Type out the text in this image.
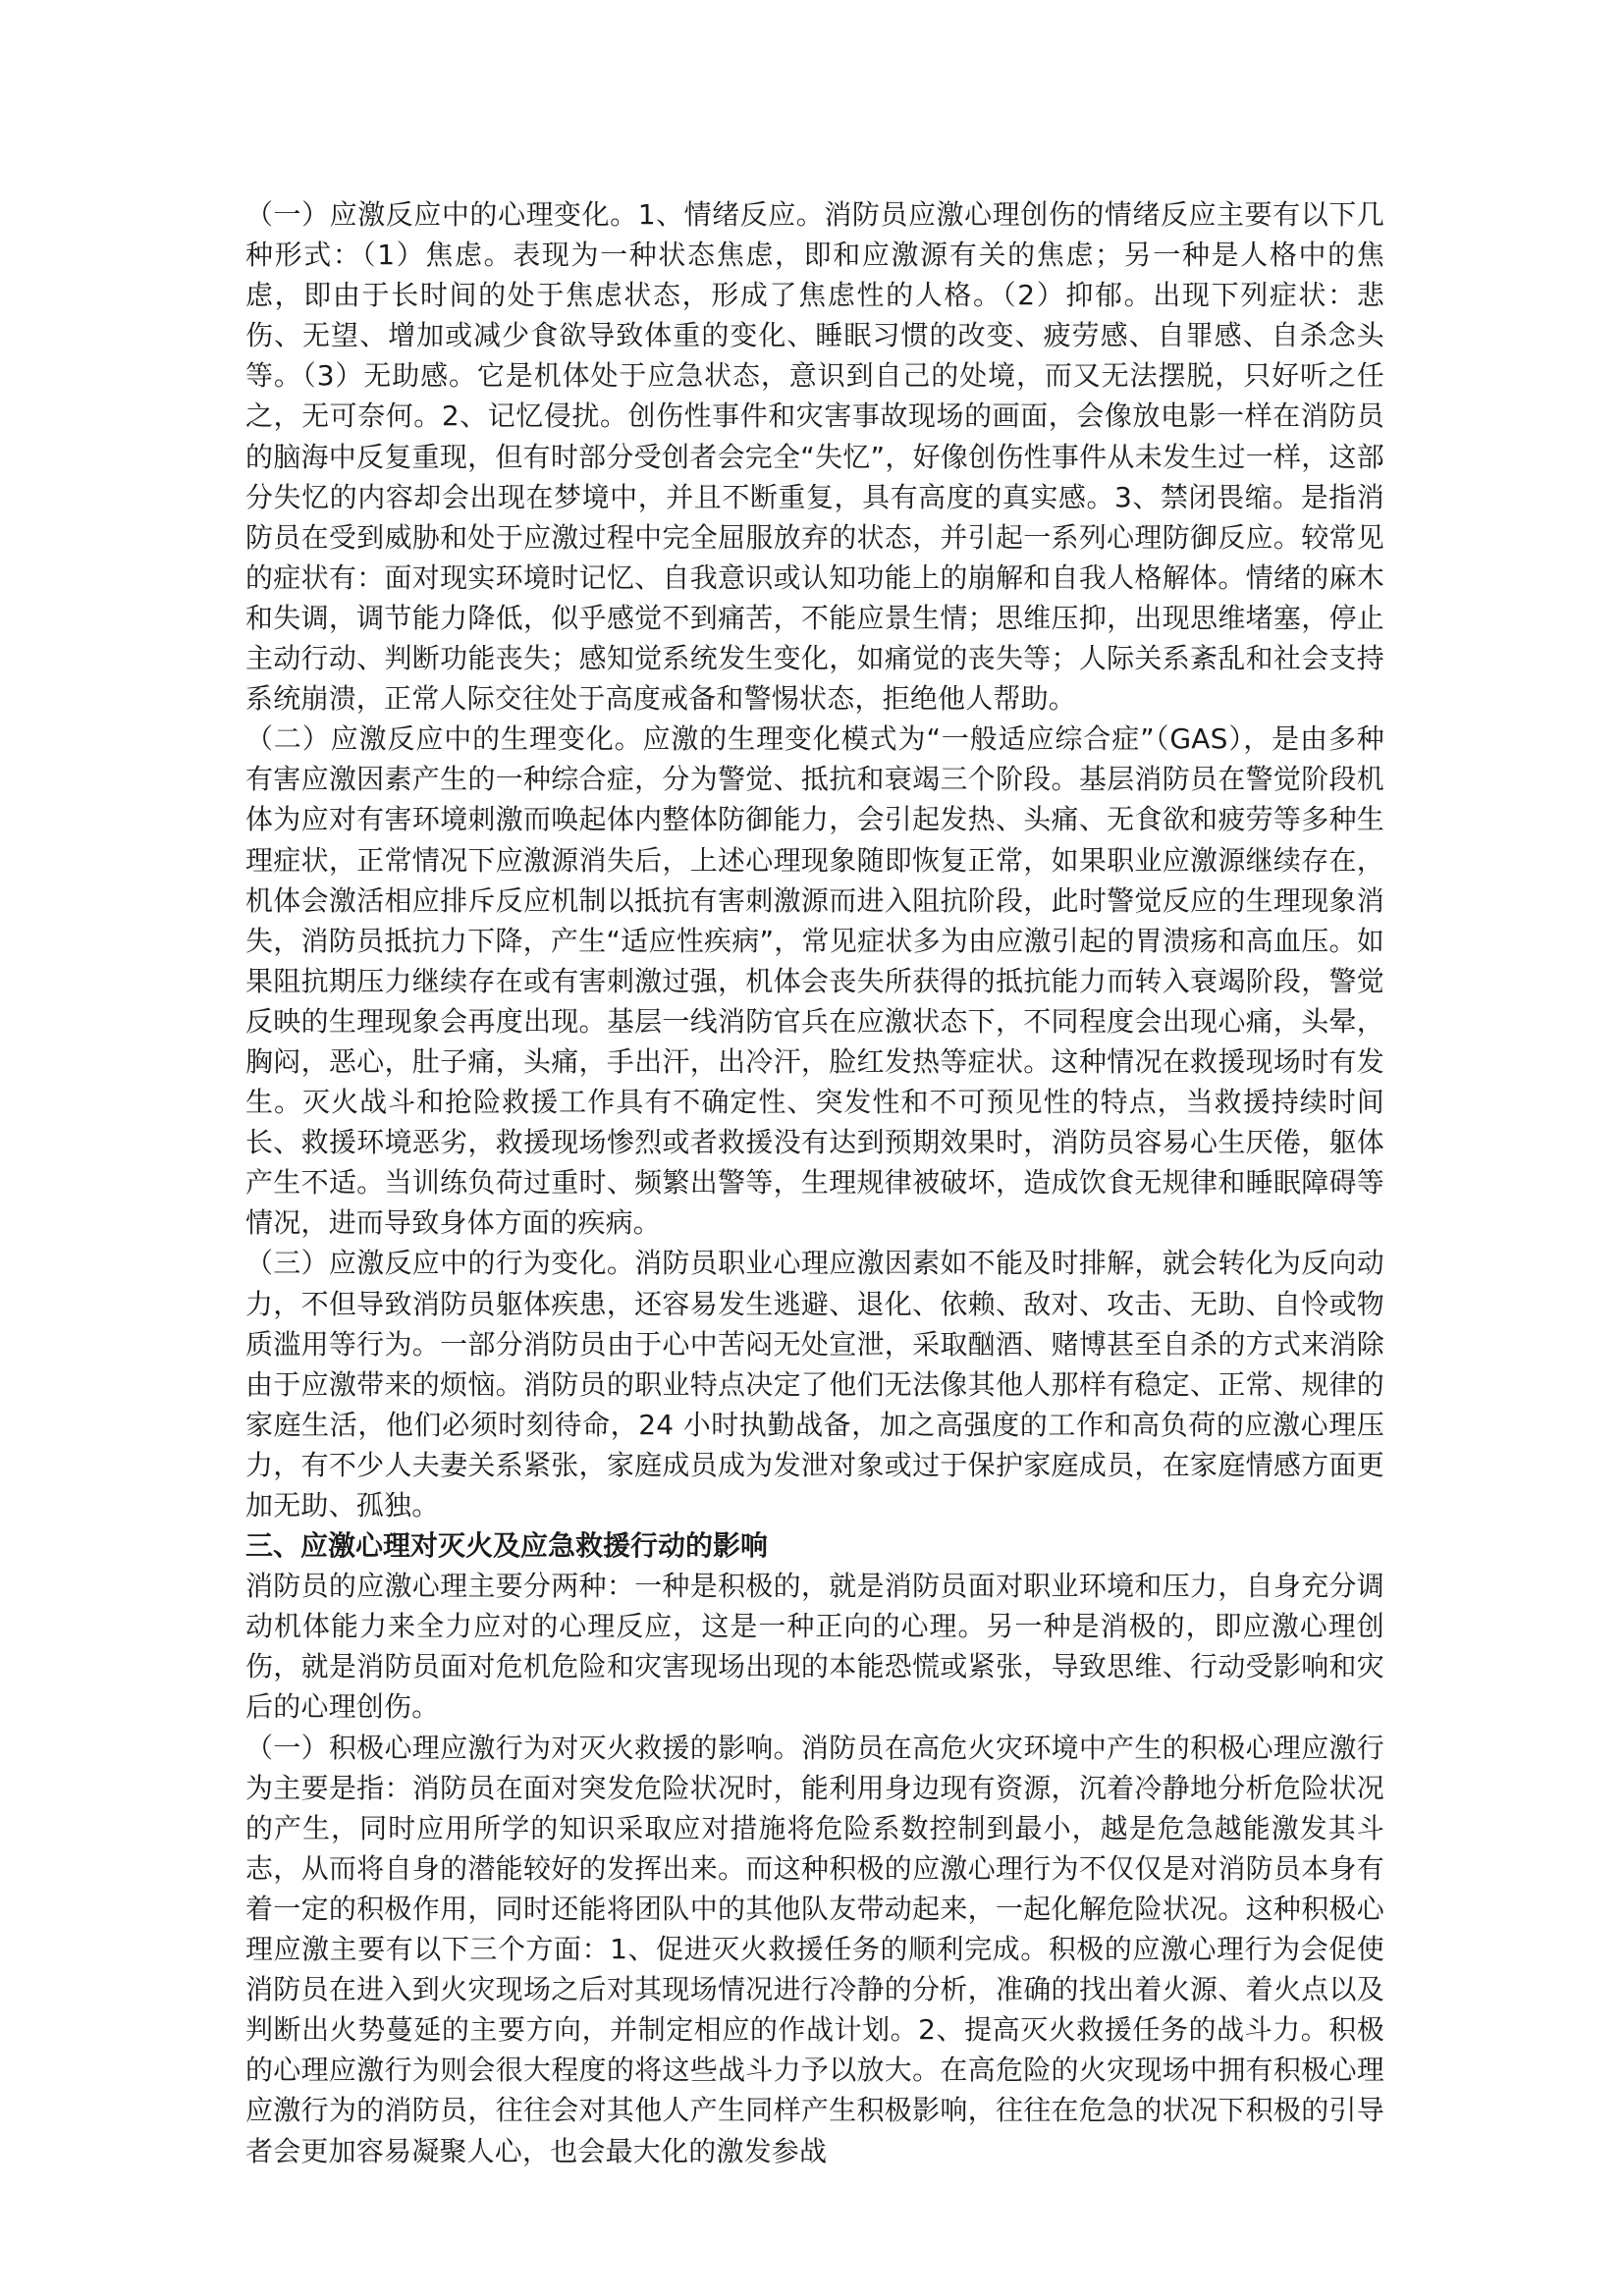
（一）应激反应中的心理变化。1、情绪反应。消防员应激心理创伤的情绪反应主要有以下几种形式：（1）焦虑。表现为一种状态焦虑，即和应激源有关的焦虑；另一种是人格中的焦虑，即由于长时间的处于焦虑状态，形成了焦虑性的人格。（2）抑郁。出现下列症状：悲伤、无望、增加或减少食欲导致体重的变化、睡眠习惯的改变、疲劳感、自罪感、自杀念头等。（3）无助感。它是机体处于应急状态，意识到自己的处境，而又无法摆脱，只好听之任之，无可奈何。2、记忆侵扰。创伤性事件和灾害事故现场的画面，会像放电影一样在消防员的脑海中反复重现，但有时部分受创者会完全“失忆”，好像创伤性事件从未发生过一样，这部分失忆的内容却会出现在梦境中，并且不断重复，具有高度的真实感。3、禁闭畏缩。是指消防员在受到威胁和处于应激过程中完全屈服放弃的状态，并引起一系列心理防御反应。较常见的症状有：面对现实环境时记忆、自我意识或认知功能上的崩解和自我人格解体。情绪的麻木和失调，调节能力降低，似乎感觉不到痛苦，不能应景生情；思维压抑，出现思维堵塞，停止主动行动、判断功能丧失；感知觉系统发生变化，如痛觉的丧失等；人际关系紊乱和社会支持系统崩溃，正常人际交往处于高度戒备和警惕状态，拒绝他人帮助。

（二）应激反应中的生理变化。应激的生理变化模式为“一般适应综合症”（GAS），是由多种有害应激因素产生的一种综合症，分为警觉、抵抗和衰竭三个阶段。基层消防员在警觉阶段机体为应对有害环境刺激而唤起体内整体防御能力，会引起发热、头痛、无食欲和疲劳等多种生理症状，正常情况下应激源消失后，上述心理现象随即恢复正常，如果职业应激源继续存在，机体会激活相应排斥反应机制以抵抗有害刺激源而进入阻抗阶段，此时警觉反应的生理现象消失，消防员抵抗力下降，产生“适应性疾病”，常见症状多为由应激引起的胃溃疡和高血压。如果阻抗期压力继续存在或有害刺激过强，机体会丧失所获得的抵抗能力而转入衰竭阶段，警觉反映的生理现象会再度出现。基层一线消防官兵在应激状态下，不同程度会出现心痛，头晕，胸闷，恶心，肚子痛，头痛，手出汗，出冷汗，脸红发热等症状。这种情况在救援现场时有发生。灭火战斗和抢险救援工作具有不确定性、突发性和不可预见性的特点，当救援持续时间长、救援环境恶劣，救援现场惨烈或者救援没有达到预期效果时，消防员容易心生厌倦，躯体产生不适。当训练负荷过重时、频繁出警等，生理规律被破坏，造成饮食无规律和睡眠障碍等情况，进而导致身体方面的疾病。

（三）应激反应中的行为变化。消防员职业心理应激因素如不能及时排解，就会转化为反向动力，不但导致消防员躯体疾患，还容易发生逃避、退化、依赖、敌对、攻击、无助、自怜或物质滥用等行为。一部分消防员由于心中苦闷无处宣泄，采取酗酒、赌博甚至自杀的方式来消除由于应激带来的烦恼。消防员的职业特点决定了他们无法像其他人那样有稳定、正常、规律的家庭生活，他们必须时刻待命，24 小时执勤战备，加之高强度的工作和高负荷的应激心理压力，有不少人夫妻关系紧张，家庭成员成为发泄对象或过于保护家庭成员，在家庭情感方面更加无助、孤独。

三、应激心理对灭火及应急救援行动的影响

消防员的应激心理主要分两种：一种是积极的，就是消防员面对职业环境和压力，自身充分调动机体能力来全力应对的心理反应，这是一种正向的心理。另一种是消极的，即应激心理创伤，就是消防员面对危机危险和灾害现场出现的本能恐慌或紧张，导致思维、行动受影响和灾后的心理创伤。

（一）积极心理应激行为对灭火救援的影响。消防员在高危火灾环境中产生的积极心理应激行为主要是指：消防员在面对突发危险状况时，能利用身边现有资源，沉着冷静地分析危险状况的产生，同时应用所学的知识采取应对措施将危险系数控制到最小，越是危急越能激发其斗志，从而将自身的潜能较好的发挥出来。而这种积极的应激心理行为不仅仅是对消防员本身有着一定的积极作用，同时还能将团队中的其他队友带动起来，一起化解危险状况。这种积极心理应激主要有以下三个方面：1、促进灭火救援任务的顺利完成。积极的应激心理行为会促使消防员在进入到火灾现场之后对其现场情况进行冷静的分析，准确的找出着火源、着火点以及判断出火势蔓延的主要方向，并制定相应的作战计划。2、提高灭火救援任务的战斗力。积极的心理应激行为则会很大程度的将这些战斗力予以放大。在高危险的火灾现场中拥有积极心理应激行为的消防员，往往会对其他人产生同样产生积极影响，往往在危急的状况下积极的引导者会更加容易凝聚人心，也会最大化的激发参战
